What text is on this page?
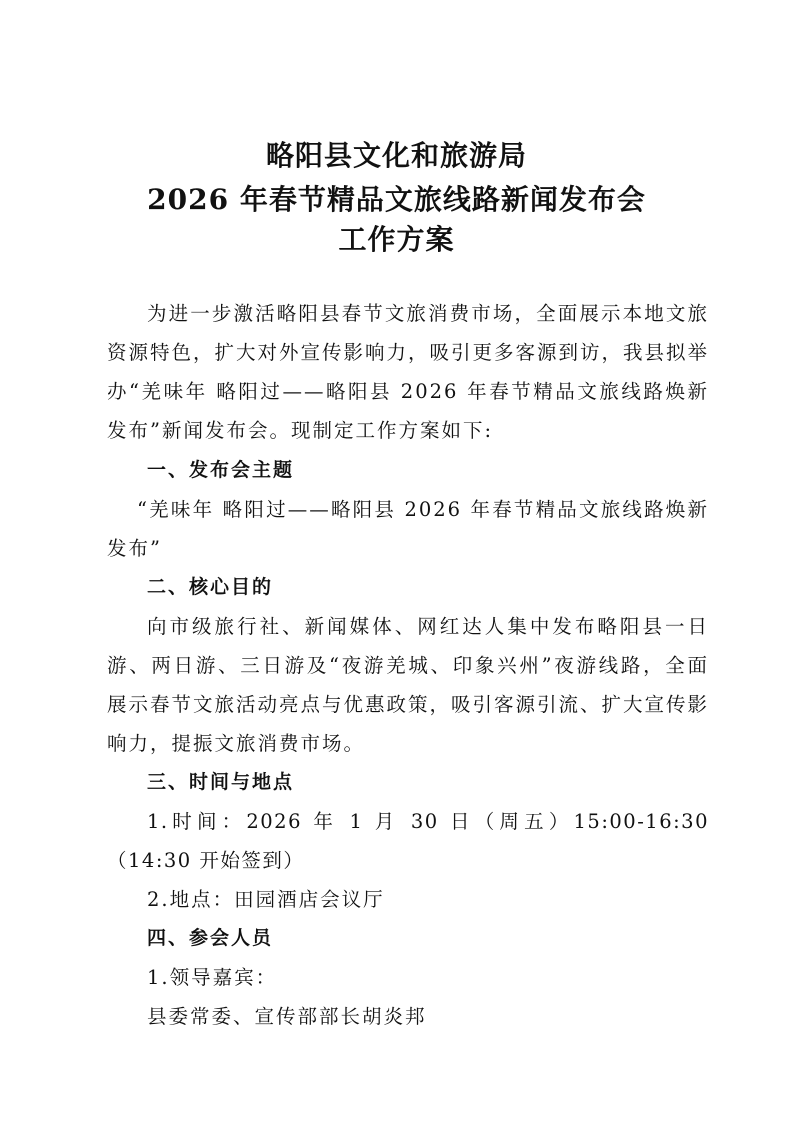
略阳县文化和旅游局
2026 年春节精品文旅线路新闻发布会
工作方案

为进一步激活略阳县春节文旅消费市场，全面展示本地文旅资源特色，扩大对外宣传影响力，吸引更多客源到访，我县拟举办“羌味年 略阳过——略阳县 2026 年春节精品文旅线路焕新发布”新闻发布会。现制定工作方案如下:

一、发布会主题

“羌味年 略阳过——略阳县 2026 年春节精品文旅线路焕新发布”

二、核心目的

向市级旅行社、新闻媒体、网红达人集中发布略阳县一日游、两日游、三日游及“夜游羌城、印象兴州”夜游线路，全面展示春节文旅活动亮点与优惠政策，吸引客源引流、扩大宣传影响力，提振文旅消费市场。

三、时间与地点

1.时间：2026 年 1 月 30 日（周五）15:00-16:30（14:30 开始签到）

2.地点：田园酒店会议厅

四、参会人员

1.领导嘉宾：

县委常委、宣传部部长胡炎邦
